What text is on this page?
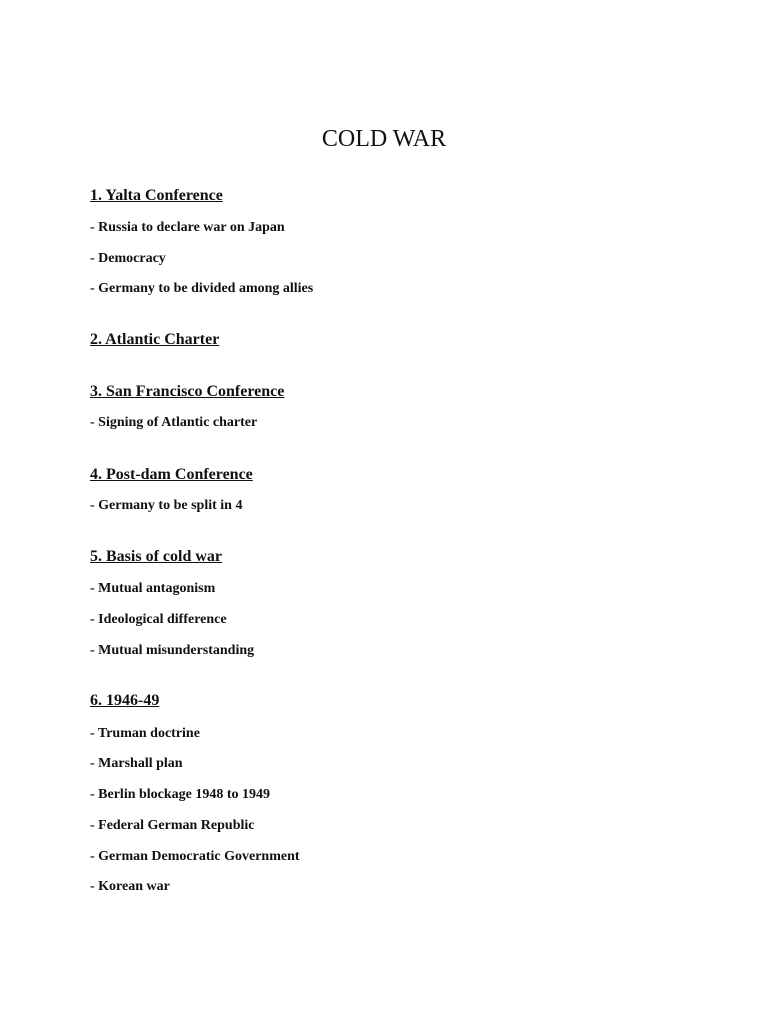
COLD WAR
1. Yalta Conference

- Russia to declare war on Japan

- Democracy

- Germany to be divided among allies

2. Atlantic Charter
3. San Francisco Conference

- Signing of Atlantic charter

4. Post-dam Conference

- Germany to be split in 4

5. Basis of cold war

- Mutual antagonism

- Ideological difference

- Mutual misunderstanding

6. 1946-49

- Truman doctrine

- Marshall plan

- Berlin blockage 1948 to 1949

- Federal German Republic

- German Democratic Government

- Korean war
